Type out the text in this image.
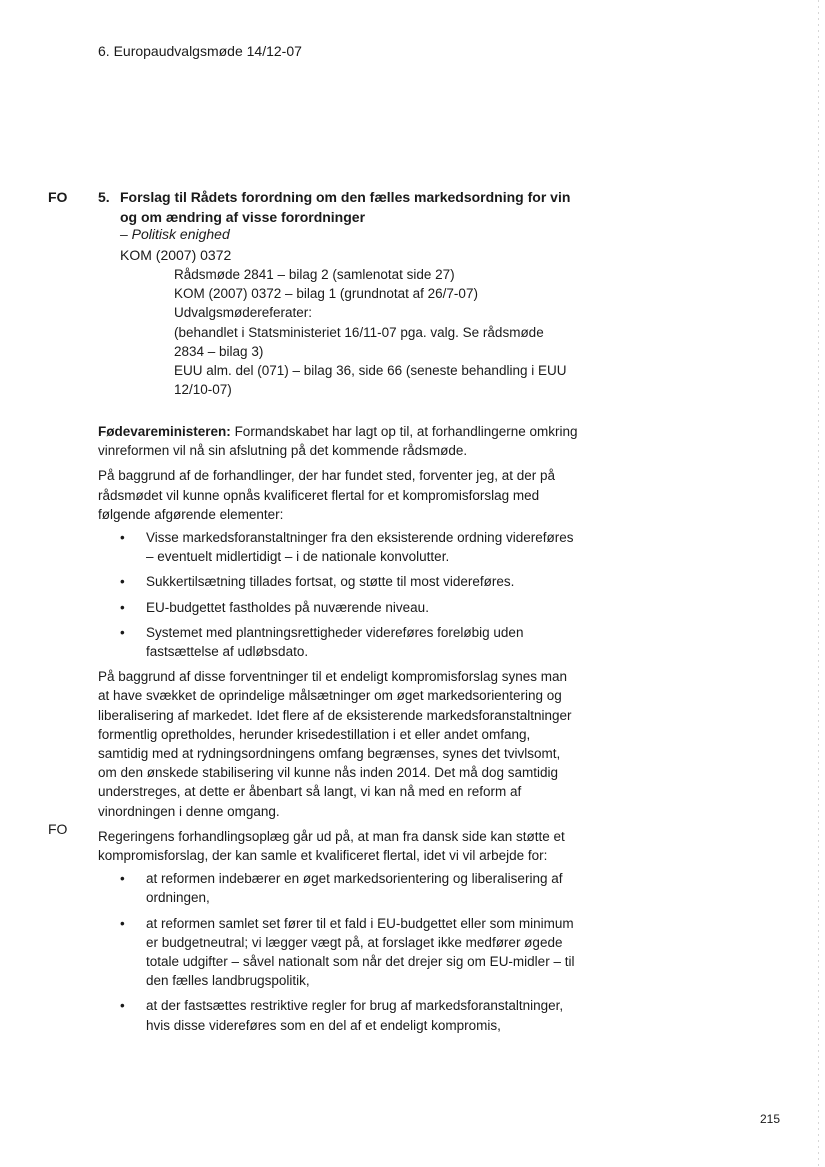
6. Europaudvalgsmøde 14/12-07
FO 5. Forslag til Rådets forordning om den fælles markedsordning for vin og om ændring af visse forordninger
– Politisk enighed
KOM (2007) 0372
Rådsmøde 2841 – bilag 2 (samlenotat side 27)
KOM (2007) 0372 – bilag 1 (grundnotat af 26/7-07)
Udvalgsmødereferater:
(behandlet i Statsministeriet 16/11-07 pga. valg. Se rådsmøde 2834 – bilag 3)
EUU alm. del (071) – bilag 36, side 66 (seneste behandling i EUU 12/10-07)

Fødevareministeren: Formandskabet har lagt op til, at forhandlingerne omkring vinreformen vil nå sin afslutning på det kommende rådsmøde.

På baggrund af de forhandlinger, der har fundet sted, forventer jeg, at der på rådsmødet vil kunne opnås kvalificeret flertal for et kompromisforslag med følgende afgørende elementer:

• Visse markedsforanstaltninger fra den eksisterende ordning videreføres – eventuelt midlertidigt – i de nationale konvolutter.
• Sukkertilsætning tillades fortsat, og støtte til most videreføres.
• EU-budgettet fastholdes på nuværende niveau.
• Systemet med plantningsrettigheder videreføres foreløbig uden fastsættelse af udløbsdato.

På baggrund af disse forventninger til et endeligt kompromisforslag synes man at have svækket de oprindelige målsætninger om øget markedsorientering og liberalisering af markedet. Idet flere af de eksisterende markedsforanstaltninger formentlig opretholdes, herunder krisedestillation i et eller andet omfang, samtidig med at rydningsordningens omfang begrænses, synes det tvivlsomt, om den ønskede stabilisering vil kunne nås inden 2014. Det må dog samtidig understreges, at dette er åbenbart så langt, vi kan nå med en reform af vinordningen i denne omgang.

Regeringens forhandlingsoplæg går ud på, at man fra dansk side kan støtte et kompromisforslag, der kan samle et kvalificeret flertal, idet vi vil arbejde for:

• at reformen indebærer en øget markedsorientering og liberalisering af ordningen,
• at reformen samlet set fører til et fald i EU-budgettet eller som minimum er budgetneutral; vi lægger vægt på, at forslaget ikke medfører øgede totale udgifter – såvel nationalt som når det drejer sig om EU-midler – til den fælles landbrugspolitik,
• at der fastsættes restriktive regler for brug af markedsforanstaltninger, hvis disse videreføres som en del af et endeligt kompromis,
FO
215
